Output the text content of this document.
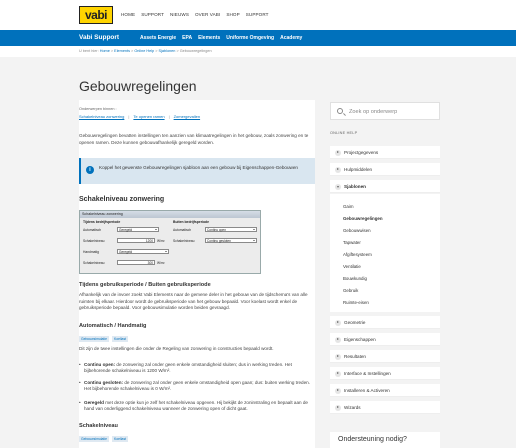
vabi	HOME SUPPORT NIEUWS OVER VABI SHOP SUPPORT
Vabi Support	Assets Energie EPA Elements Uniforme Omgeving Academy
U bent hier: Home > Elements > Online Help > Sjablonen > Gebouwregelingen
Gebouwregelingen
Onderwerpen binnen :
Schakelniveau zonwering | Te openen ramen | Zomergevallen

Gebouwregelingen bevatten instellingen ten aanzien van klimaatregelingen in het gebouw, zoals zonwering en te openen ramen. Deze kunnen gebouwafhankelijk geregeld worden.

i	Koppel het gewenste Gebouwregelingen sjabloon aan een gebouw bij Eigenschappen-Gebouwen
Schakelniveau zonwering
Schakelniveau zonwering
Tijdens bedrijfsperiode	Buiten bedrijfsperiode
Automatisch	Geregeld	Automatisch	Continu open
Schakelniveau	1200	W/m²	Schakelniveau	Continu gesloten
Handmatig	Geregeld
Schakelniveau	300	W/m²
Tijdens gebruiksperiode / Buiten gebruiksperiode

Afhankelijk van de invoer zoekt Vabi Elements naar de gemene deler in het gebouw van de tijdschema's van alle ruimten bij elkaar. Hierdoor wordt de gebruiksperiode van het gebouw bepaald. Voor koelast wordt enkel de gebruiksperiode bepaald. Voor gebouwsimulatie worden beiden gevraagd.

Automatisch / Handmatig
Gebouwsimulatie	Koellast

Dit zijn de twee instellingen die onder de Regeling van zonwering in constructies bepaald wordt.

• Continu open: de zonwering zal onder geen enkele omstandigheid sluiten; dus in werking treden. Het bijbehorende schakelniveau is 1200 W/m².
• Continu gesloten: de zonwering zal onder geen enkele omstandigheid open gaan; dus: buiten werking treden. Het bijbehorende schakelniveau is 0 W/m².
• Geregeld met deze optie kun je zelf het schakelniveau opgeven. Hij bekijkt de zoninstraling en bepaalt aan de hand van onderliggend schakelniveau wanneer de zonwering open of dicht gaat.
Schakelniveau
Gebouwsimulatie	Koellast
Zoek op onderwerp
ONLINE HELP
Projectgegevens
Hulpmiddelen
Sjablonen
Gaim
Gebouwregelingen
Gebouwwisen
Tapwater
Afgiftesysteem
Ventilatie
Bouwkundig
Gebruik
Ruimte-eisen
Geometrie
Eigenschappen
Resultaten
Interface & Instellingen
Installeren & Activeren
Wizards
Ondersteuning nodig?
